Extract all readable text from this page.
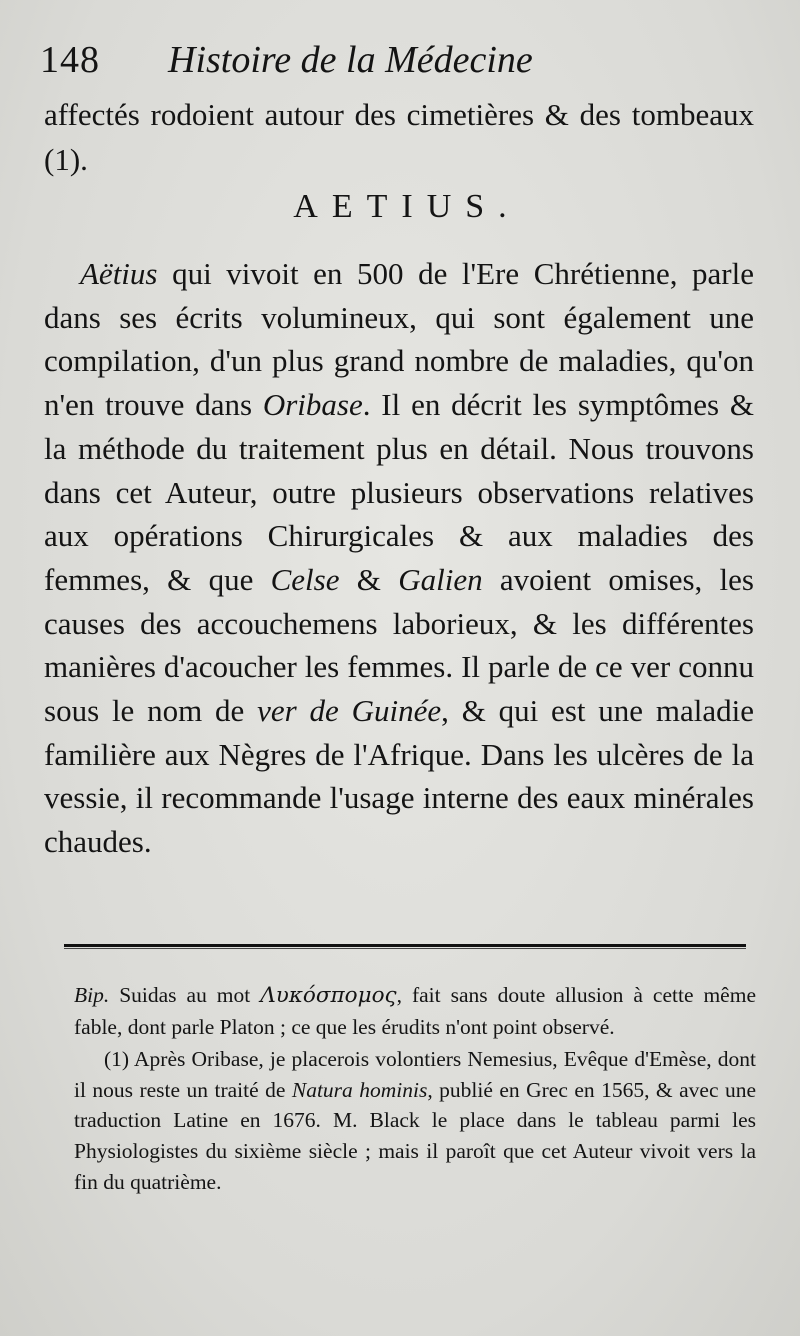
148 Histoire de la Médecine

affectés rodoient autour des cimetières & des tombeaux (1).

AETIUS.

Aëtius qui vivoit en 500 de l'Ere Chrétienne, parle dans ses écrits volumineux, qui sont également une compilation, d'un plus grand nombre de maladies, qu'on n'en trouve dans Oribase. Il en décrit les symptômes & la méthode du traitement plus en détail. Nous trouvons dans cet Auteur, outre plusieurs observations relatives aux opérations Chirurgicales & aux maladies des femmes, & que Celse & Galien avoient omises, les causes des accouchemens laborieux, & les différentes manières d'acoucher les femmes. Il parle de ce ver connu sous le nom de ver de Guinée, & qui est une maladie familière aux Nègres de l'Afrique. Dans les ulcères de la vessie, il recommande l'usage interne des eaux minérales chaudes.

Bip. Suidas au mot Λυκόσπομος, fait sans doute allusion à cette même fable, dont parle Platon ; ce que les érudits n'ont point observé.

(1) Après Oribase, je placerois volontiers Nemesius, Evêque d'Emèse, dont il nous reste un traité de Natura hominis, publié en Grec en 1565, & avec une traduction Latine en 1676. M. Black le place dans le tableau parmi les Physiologistes du sixième siècle ; mais il paroît que cet Auteur vivoit vers la fin du quatrième.
